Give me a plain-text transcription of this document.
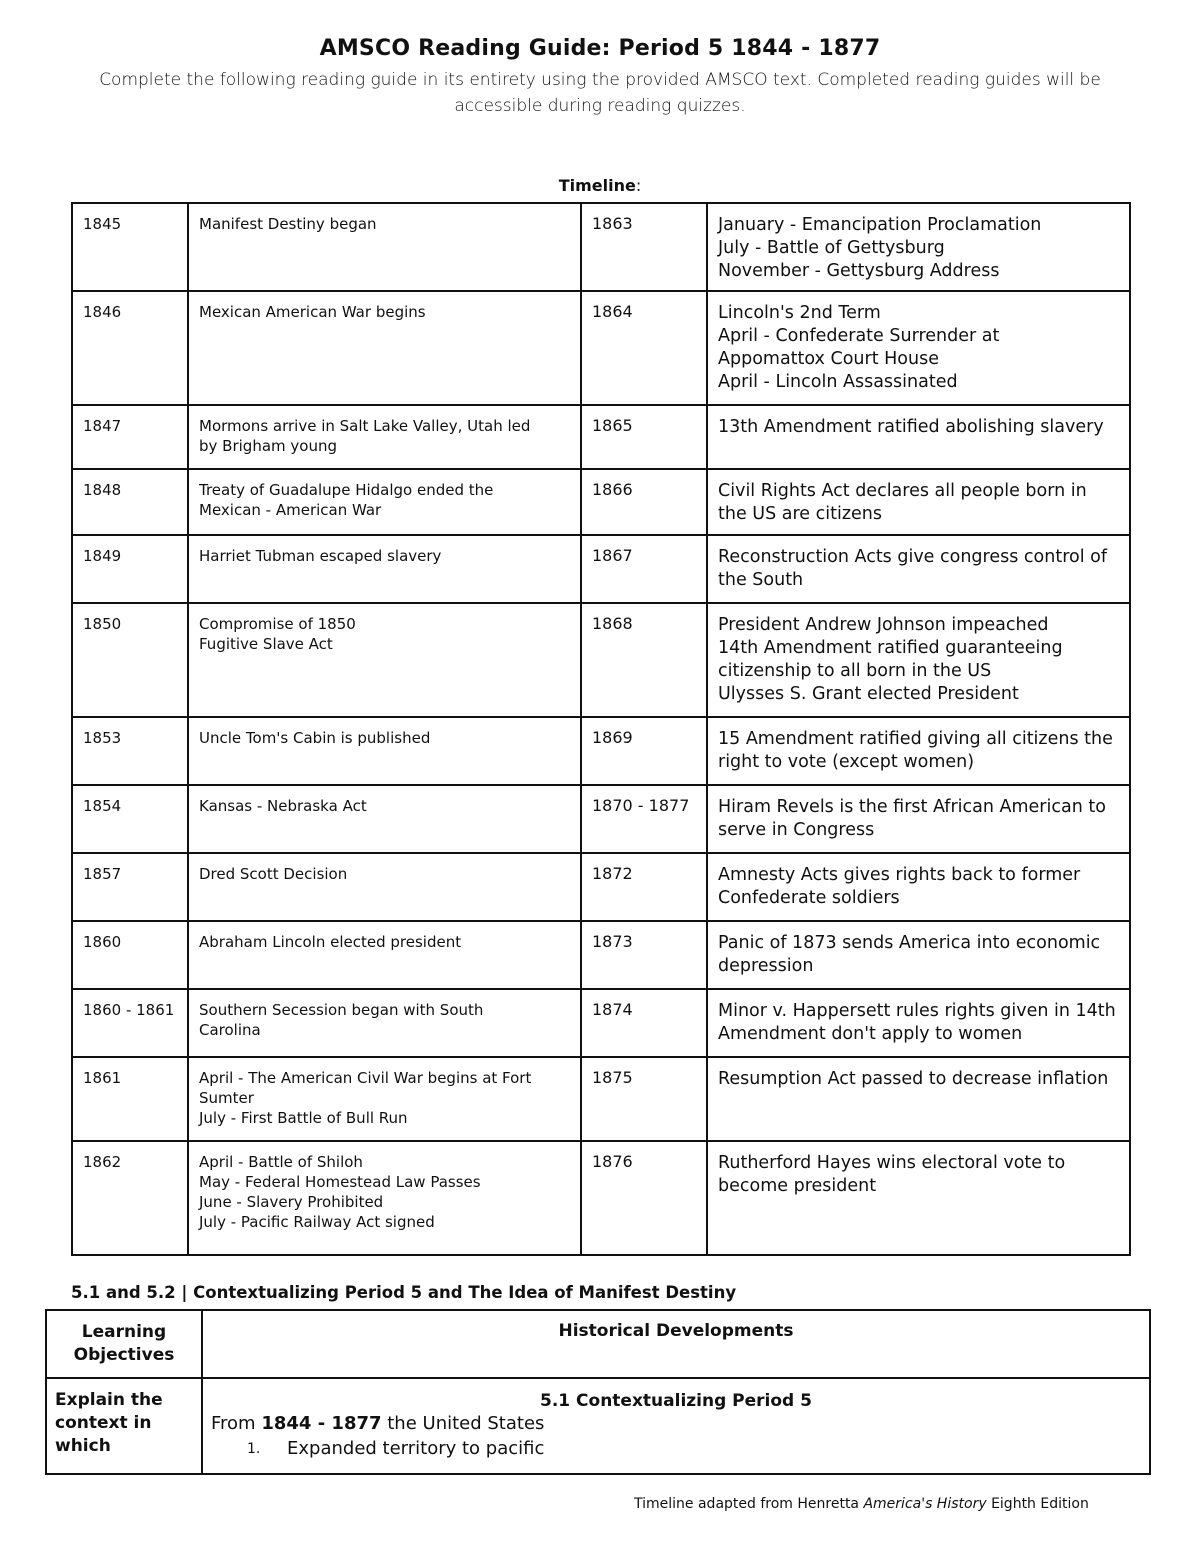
AMSCO Reading Guide: Period 5 1844 - 1877
Complete the following reading guide in its entirety using the provided AMSCO text. Completed reading guides will be accessible during reading quizzes.
Timeline:
1845	Manifest Destiny began	1863	January - Emancipation Proclamation
July - Battle of Gettysburg
November - Gettysburg Address

1846	Mexican American War begins	1864	Lincoln's 2nd Term
April - Confederate Surrender at
Appomattox Court House
April - Lincoln Assassinated

1847	Mormons arrive in Salt Lake Valley, Utah led
by Brigham young	1865	13th Amendment ratified abolishing slavery

1848	Treaty of Guadalupe Hidalgo ended the
Mexican - American War	1866	Civil Rights Act declares all people born in
the US are citizens

1849	Harriet Tubman escaped slavery	1867	Reconstruction Acts give congress control of
the South

1850	Compromise of 1850
Fugitive Slave Act	1868	President Andrew Johnson impeached
14th Amendment ratified guaranteeing
citizenship to all born in the US
Ulysses S. Grant elected President

1853	Uncle Tom's Cabin is published	1869	15 Amendment ratified giving all citizens the
right to vote (except women)

1854	Kansas - Nebraska Act	1870 - 1877	Hiram Revels is the first African American to
serve in Congress

1857	Dred Scott Decision	1872	Amnesty Acts gives rights back to former
Confederate soldiers

1860	Abraham Lincoln elected president	1873	Panic of 1873 sends America into economic
depression

1860 - 1861	Southern Secession began with South
Carolina	1874	Minor v. Happersett rules rights given in 14th
Amendment don't apply to women

1861	April - The American Civil War begins at Fort
Sumter
July - First Battle of Bull Run	1875	Resumption Act passed to decrease inflation

1862	April - Battle of Shiloh
May - Federal Homestead Law Passes
June - Slavery Prohibited
July - Pacific Railway Act signed	1876	Rutherford Hayes wins electoral vote to
become president
5.1 and 5.2 | Contextualizing Period 5 and The Idea of Manifest Destiny
Learning Objectives	Historical Developments
Explain the context in which	5.1 Contextualizing Period 5
From 1844 - 1877 the United States
1. Expanded territory to pacific
Timeline adapted from Henretta America's History Eighth Edition
